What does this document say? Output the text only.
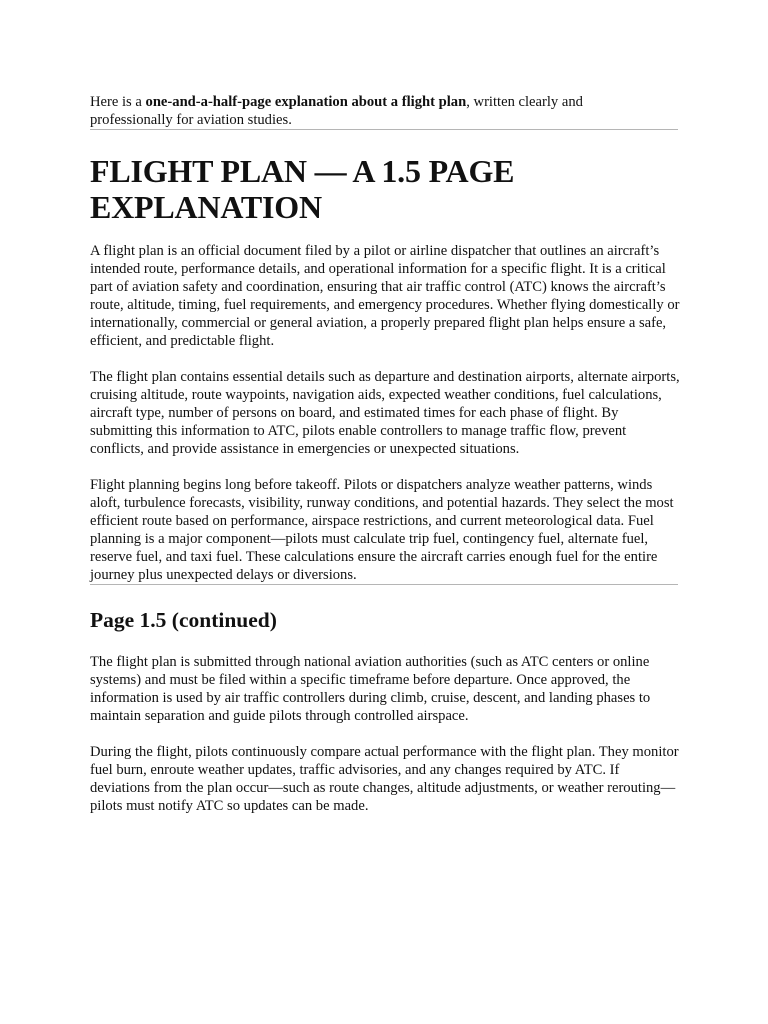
Here is a one-and-a-half-page explanation about a flight plan, written clearly and professionally for aviation studies.

FLIGHT PLAN — A 1.5 PAGE EXPLANATION

A flight plan is an official document filed by a pilot or airline dispatcher that outlines an aircraft’s intended route, performance details, and operational information for a specific flight. It is a critical part of aviation safety and coordination, ensuring that air traffic control (ATC) knows the aircraft’s route, altitude, timing, fuel requirements, and emergency procedures. Whether flying domestically or internationally, commercial or general aviation, a properly prepared flight plan helps ensure a safe, efficient, and predictable flight.

The flight plan contains essential details such as departure and destination airports, alternate airports, cruising altitude, route waypoints, navigation aids, expected weather conditions, fuel calculations, aircraft type, number of persons on board, and estimated times for each phase of flight. By submitting this information to ATC, pilots enable controllers to manage traffic flow, prevent conflicts, and provide assistance in emergencies or unexpected situations.

Flight planning begins long before takeoff. Pilots or dispatchers analyze weather patterns, winds aloft, turbulence forecasts, visibility, runway conditions, and potential hazards. They select the most efficient route based on performance, airspace restrictions, and current meteorological data. Fuel planning is a major component—pilots must calculate trip fuel, contingency fuel, alternate fuel, reserve fuel, and taxi fuel. These calculations ensure the aircraft carries enough fuel for the entire journey plus unexpected delays or diversions.

Page 1.5 (continued)

The flight plan is submitted through national aviation authorities (such as ATC centers or online systems) and must be filed within a specific timeframe before departure. Once approved, the information is used by air traffic controllers during climb, cruise, descent, and landing phases to maintain separation and guide pilots through controlled airspace.

During the flight, pilots continuously compare actual performance with the flight plan. They monitor fuel burn, enroute weather updates, traffic advisories, and any changes required by ATC. If deviations from the plan occur—such as route changes, altitude adjustments, or weather rerouting—pilots must notify ATC so updates can be made.
